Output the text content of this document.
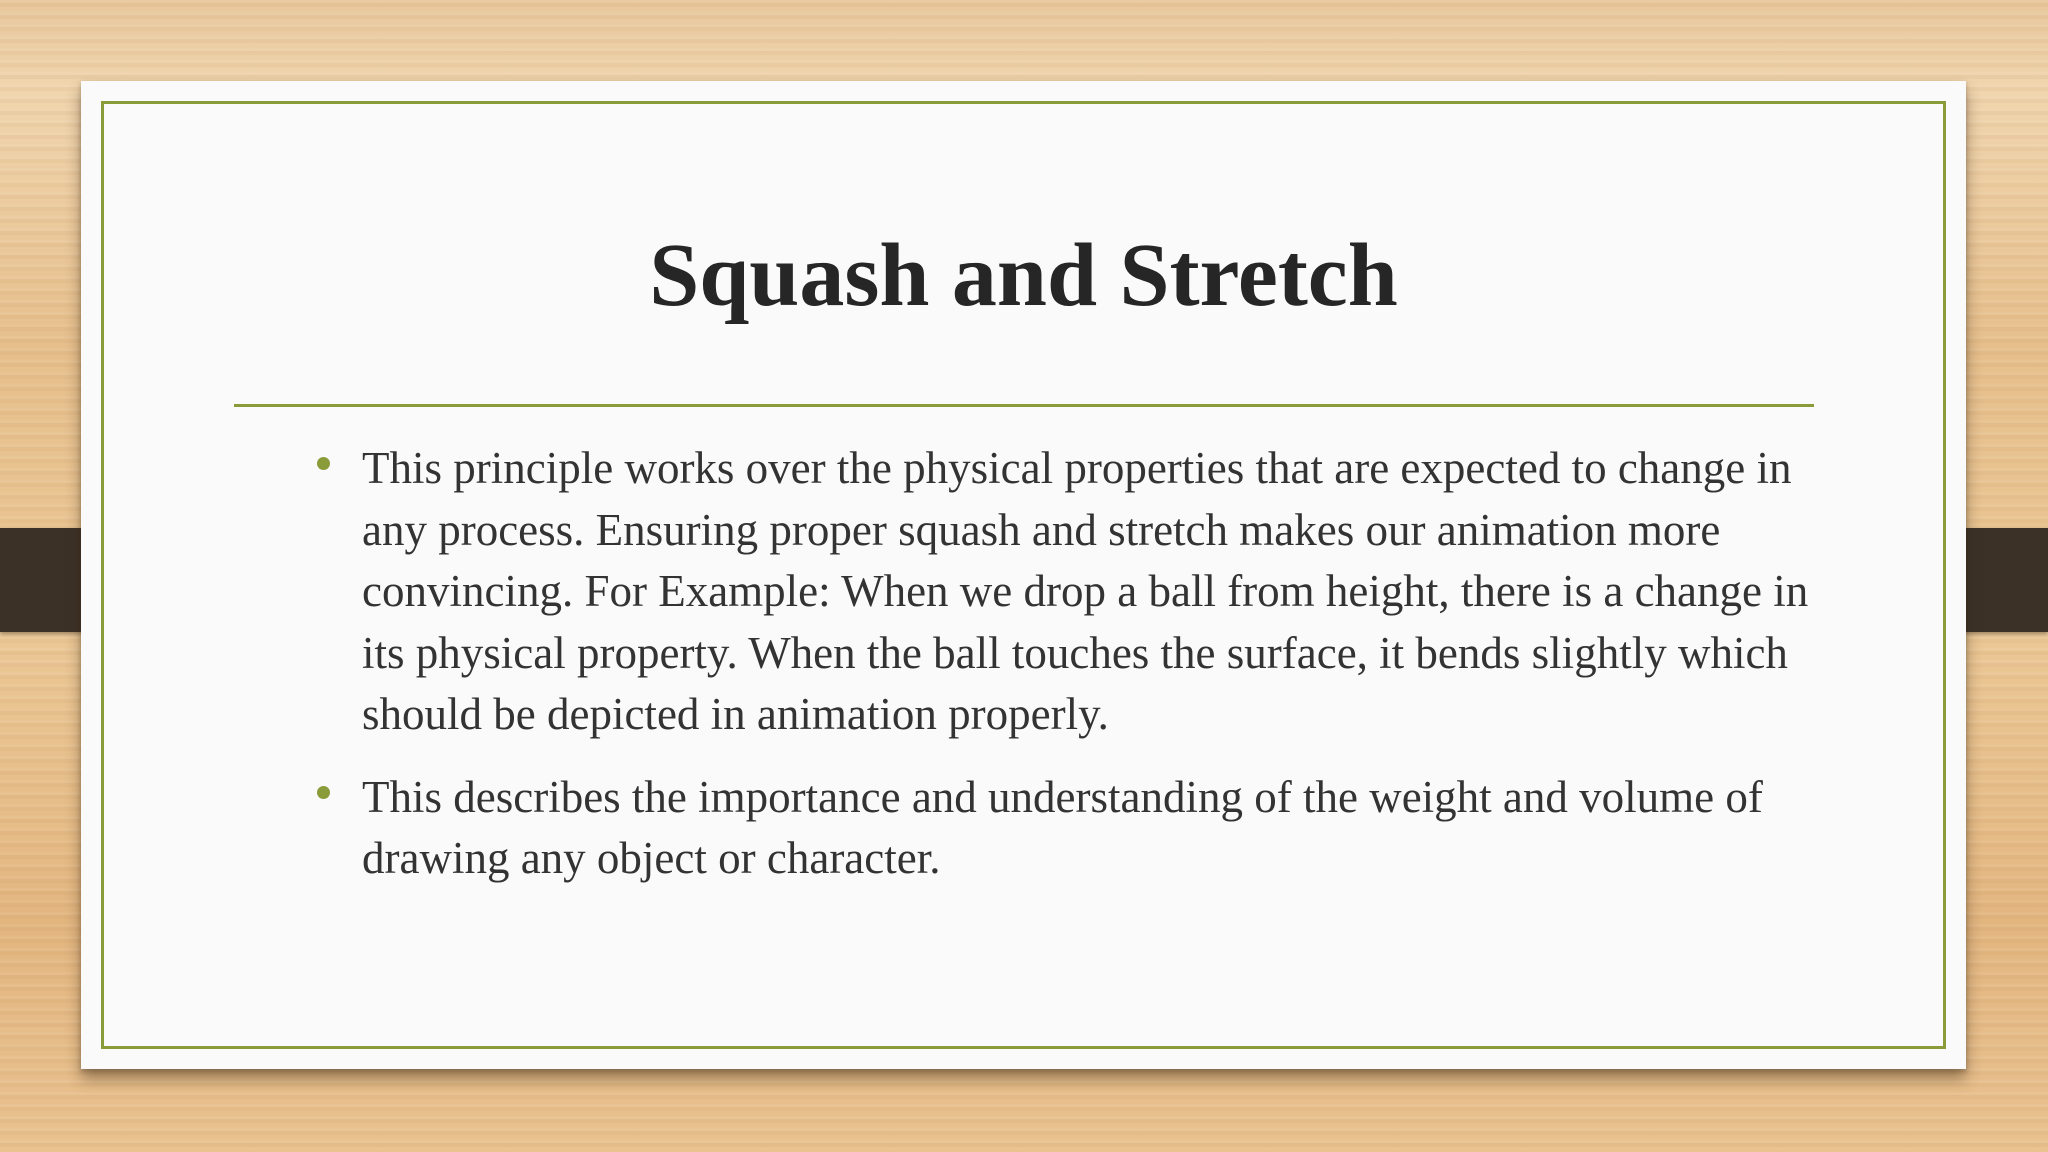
Squash and Stretch
This principle works over the physical properties that are expected to change in any process. Ensuring proper squash and stretch makes our animation more convincing. For Example: When we drop a ball from height, there is a change in its physical property. When the ball touches the surface, it bends slightly which should be depicted in animation properly.
This describes the importance and understanding of the weight and volume of drawing any object or character.
